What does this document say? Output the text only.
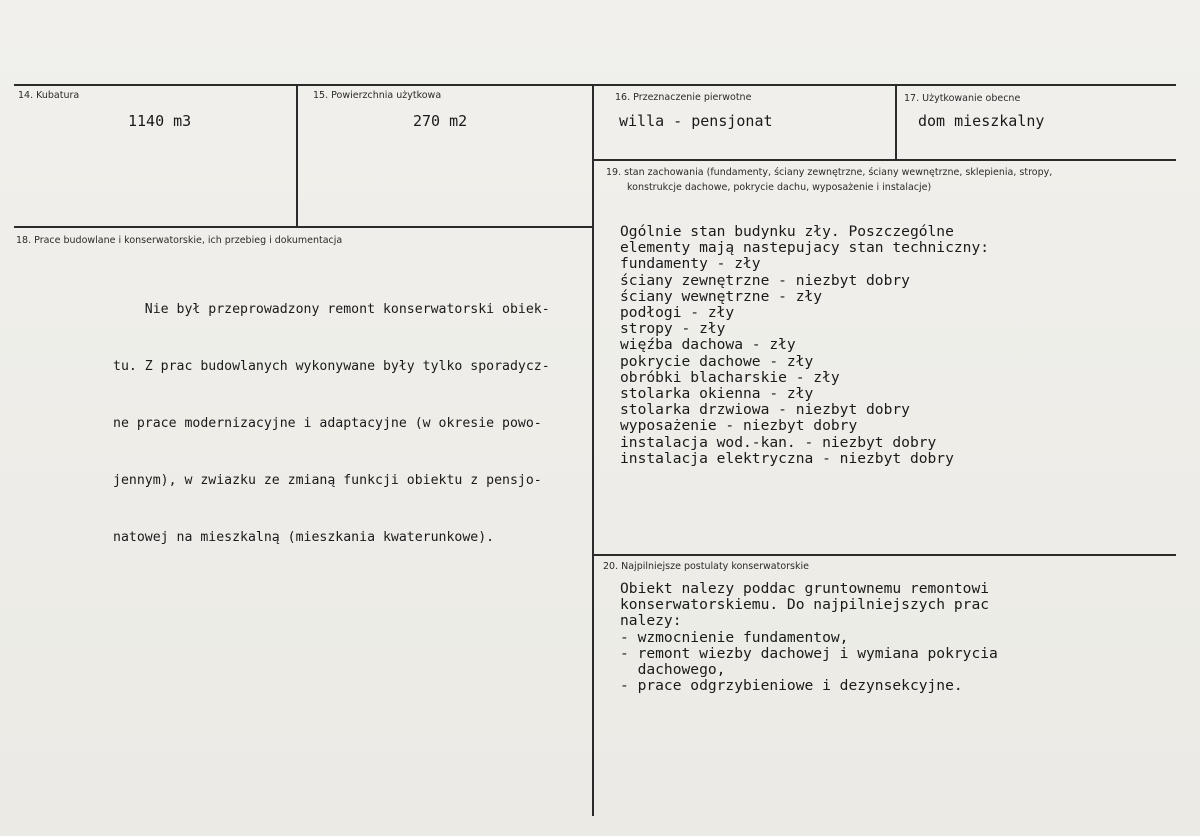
14. Kubatura
1140 m3
15. Powierzchnia użytkowa
270 m2
16. Przeznaczenie pierwotne
willa - pensjonat
17. Użytkowanie obecne
dom mieszkalny
18. Prace budowlane i konserwatorskie, ich przebieg i dokumentacja

Nie był przeprowadzony remont konserwatorski obiek-

tu. Z prac budowlanych wykonywane były tylko sporadycz-

ne prace modernizacyjne i adaptacyjne (w okresie powo-

jennym), w zwiazku ze zmianą funkcji obiektu z pensjo-

natowej na mieszkalną (mieszkania kwaterunkowe).

19. stan zachowania (fundamenty, ściany zewnętrzne, ściany wewnętrzne, sklepienia, stropy,
konstrukcje dachowe, pokrycie dachu, wyposażenie i instalacje)
Ogólnie stan budynku zły. Poszczególne
elementy mają nastepujacy stan techniczny:
fundamenty - zły
ściany zewnętrzne - niezbyt dobry
ściany wewnętrzne - zły
podłogi - zły
stropy - zły
więźba dachowa - zły
pokrycie dachowe - zły
obróbki blacharskie - zły
stolarka okienna - zły
stolarka drzwiowa - niezbyt dobry
wyposażenie - niezbyt dobry
instalacja wod.-kan. - niezbyt dobry
instalacja elektryczna - niezbyt dobry
20. Najpilniejsze postulaty konserwatorskie
Obiekt nalezy poddac gruntownemu remontowi
konserwatorskiemu. Do najpilniejszych prac
nalezy:
- wzmocnienie fundamentow,
- remont wiezby dachowej i wymiana pokrycia
dachowego,
- prace odgrzybieniowe i dezynsekcyjne.
